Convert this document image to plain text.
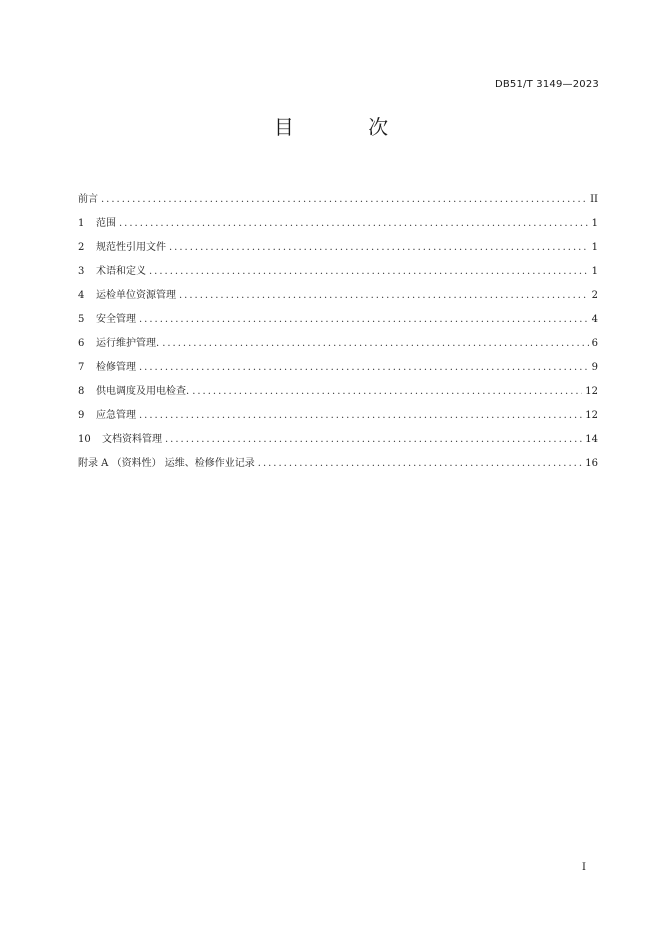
DB51/T 3149—2023
目 次
前言 .....	II
1	范围 .....	1
2	规范性引用文件 .....	1
3	术语和定义 .....	1
4	运检单位资源管理 .....	2
5	安全管理 .....	4
6	运行维护管理. .....	6
7	检修管理 .....	9
8	供电调度及用电检查. .....	12
9	应急管理 .....	12
10	文档资料管理 .....	14
附录 A （资料性） 运维、检修作业记录 .....	16
I
